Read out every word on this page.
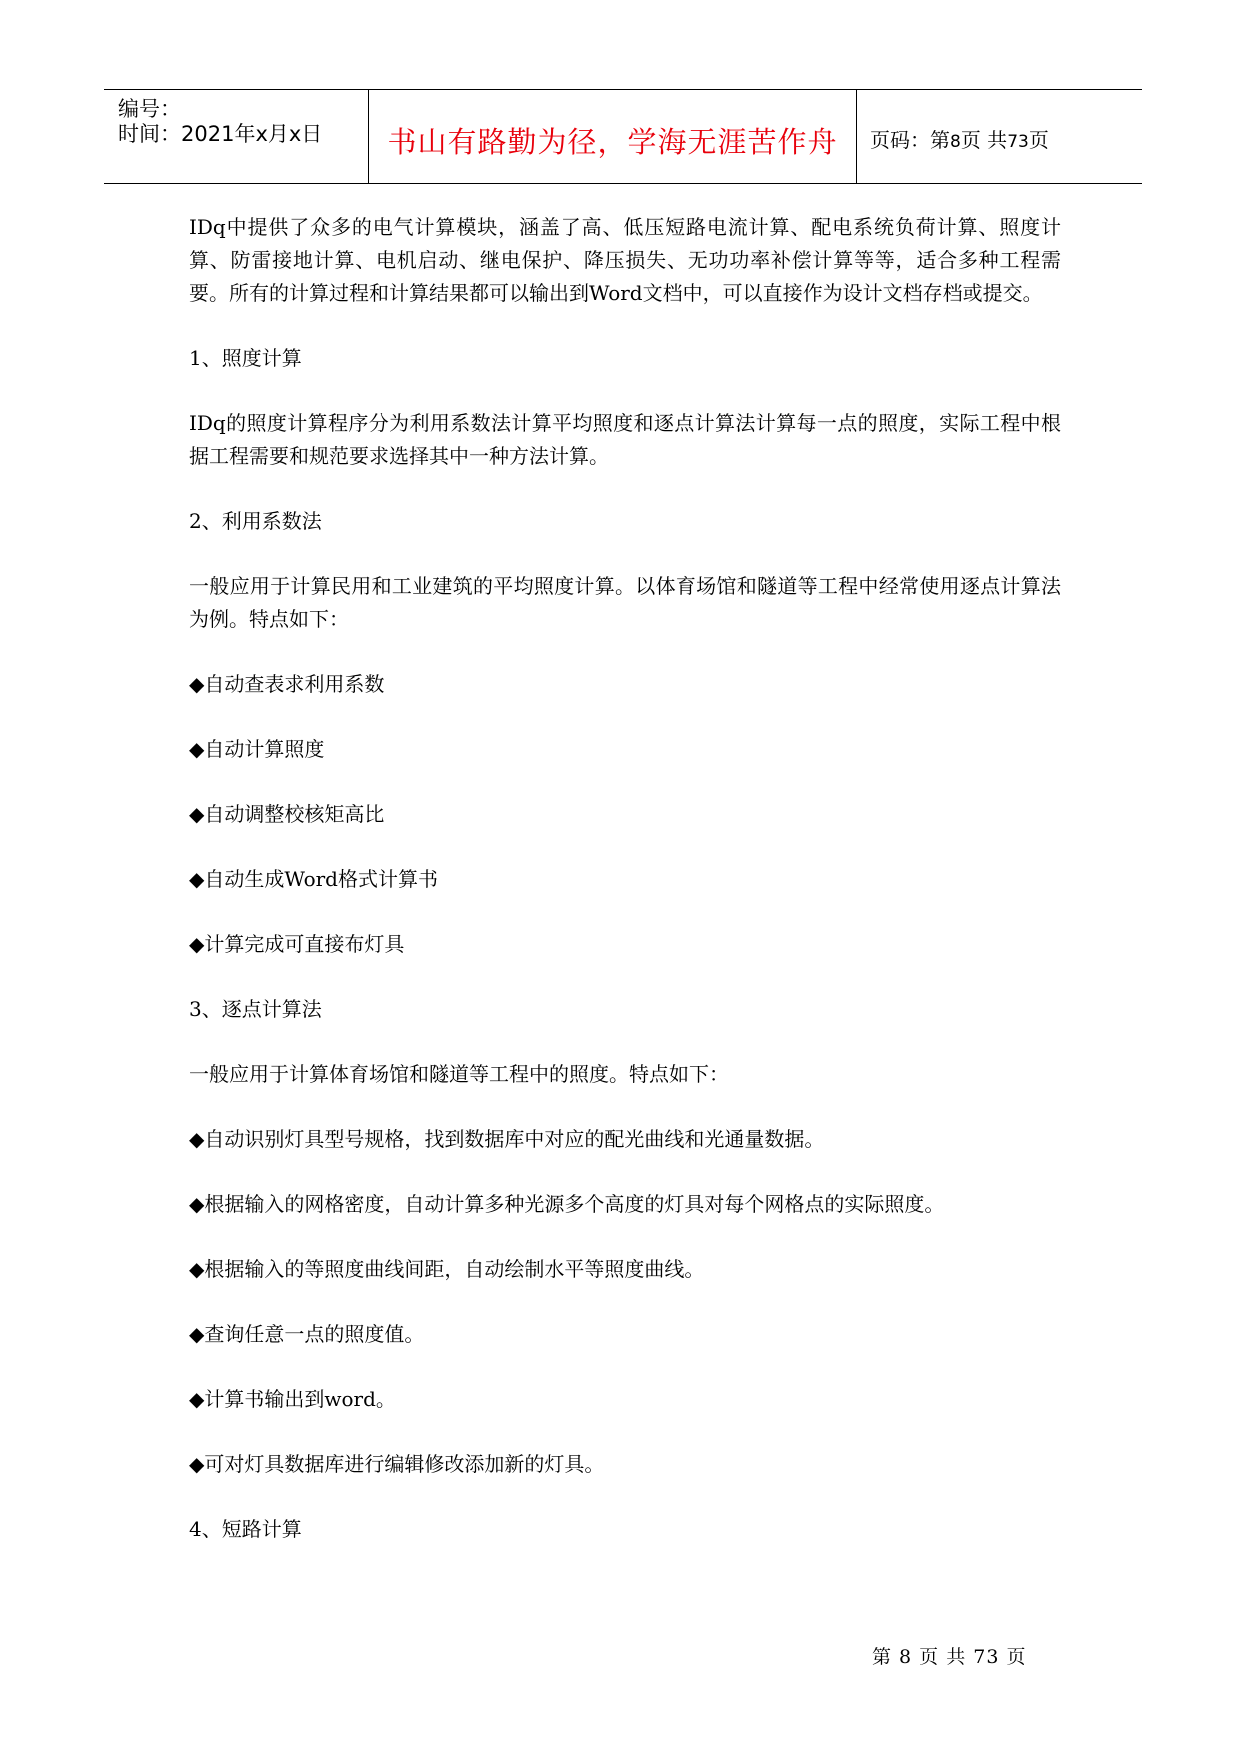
编号：
时间：2021年x月x日	书山有路勤为径，学海无涯苦作舟	页码：第8页 共73页

IDq中提供了众多的电气计算模块，涵盖了高、低压短路电流计算、配电系统负荷计算、照度计算、防雷接地计算、电机启动、继电保护、降压损失、无功功率补偿计算等等，适合多种工程需要。所有的计算过程和计算结果都可以输出到Word文档中，可以直接作为设计文档存档或提交。

1、照度计算

IDq的照度计算程序分为利用系数法计算平均照度和逐点计算法计算每一点的照度，实际工程中根据工程需要和规范要求选择其中一种方法计算。

2、利用系数法

一般应用于计算民用和工业建筑的平均照度计算。以体育场馆和隧道等工程中经常使用逐点计算法为例。特点如下：

◆自动查表求利用系数

◆自动计算照度

◆自动调整校核矩高比

◆自动生成Word格式计算书

◆计算完成可直接布灯具

3、逐点计算法

一般应用于计算体育场馆和隧道等工程中的照度。特点如下：

◆自动识别灯具型号规格，找到数据库中对应的配光曲线和光通量数据。

◆根据输入的网格密度，自动计算多种光源多个高度的灯具对每个网格点的实际照度。

◆根据输入的等照度曲线间距，自动绘制水平等照度曲线。

◆查询任意一点的照度值。

◆计算书输出到word。

◆可对灯具数据库进行编辑修改添加新的灯具。

4、短路计算

第 8 页 共 73 页
